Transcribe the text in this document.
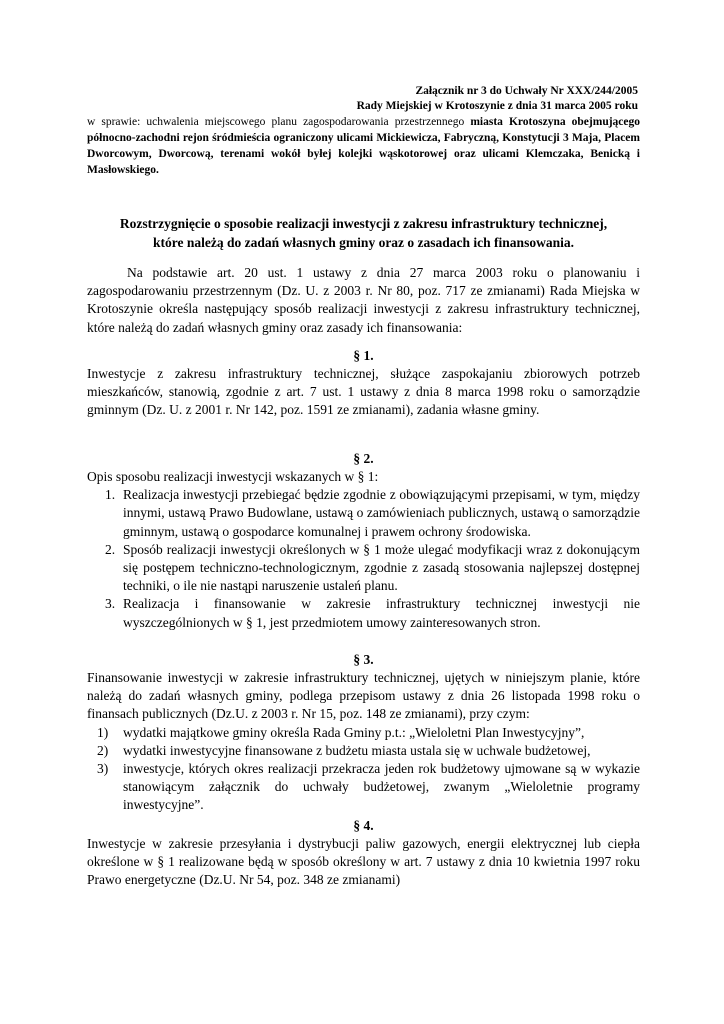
Załącznik nr 3 do Uchwały Nr XXX/244/2005
Rady Miejskiej w Krotoszynie z dnia 31 marca 2005 roku
w sprawie: uchwalenia miejscowego planu zagospodarowania przestrzennego miasta Krotoszyna obejmującego północno-zachodni rejon śródmieścia ograniczony ulicami Mickiewicza, Fabryczną, Konstytucji 3 Maja, Placem Dworcowym, Dworcową, terenami wokół byłej kolejki wąskotorowej oraz ulicami Klemczaka, Benicką i Masłowskiego.
Rozstrzygnięcie o sposobie realizacji inwestycji z zakresu infrastruktury technicznej,
które należą do zadań własnych gminy oraz o zasadach ich finansowania.
Na podstawie art. 20 ust. 1 ustawy z dnia 27 marca 2003 roku o planowaniu i zagospodarowaniu przestrzennym (Dz. U. z 2003 r. Nr 80, poz. 717 ze zmianami) Rada Miejska w Krotoszynie określa następujący sposób realizacji inwestycji z zakresu infrastruktury technicznej, które należą do zadań własnych gminy oraz zasady ich finansowania:
§ 1.
Inwestycje z zakresu infrastruktury technicznej, służące zaspokajaniu zbiorowych potrzeb mieszkańców, stanowią, zgodnie z art. 7 ust. 1 ustawy z dnia 8 marca 1998 roku o samorządzie gminnym (Dz. U. z 2001 r. Nr 142, poz. 1591 ze zmianami), zadania własne gminy.
§ 2.

Opis sposobu realizacji inwestycji wskazanych w § 1:

1. Realizacja inwestycji przebiegać będzie zgodnie z obowiązującymi przepisami, w tym, między innymi, ustawą Prawo Budowlane, ustawą o zamówieniach publicznych, ustawą o samorządzie gminnym, ustawą o gospodarce komunalnej i prawem ochrony środowiska.
2. Sposób realizacji inwestycji określonych w § 1 może ulegać modyfikacji wraz z dokonującym się postępem techniczno-technologicznym, zgodnie z zasadą stosowania najlepszej dostępnej techniki, o ile nie nastąpi naruszenie ustaleń planu.
3. Realizacja i finansowanie w zakresie infrastruktury technicznej inwestycji nie wyszczególnionych w § 1, jest przedmiotem umowy zainteresowanych stron.
§ 3.

Finansowanie inwestycji w zakresie infrastruktury technicznej, ujętych w niniejszym planie, które należą do zadań własnych gminy, podlega przepisom ustawy z dnia 26 listopada 1998 roku o finansach publicznych (Dz.U. z 2003 r. Nr 15, poz. 148 ze zmianami), przy czym:

1)	wydatki majątkowe gminy określa Rada Gminy p.t.: „Wieloletni Plan Inwestycyjny”,
2)	wydatki inwestycyjne finansowane z budżetu miasta ustala się w uchwale budżetowej,
3)	inwestycje, których okres realizacji przekracza jeden rok budżetowy ujmowane są w wykazie stanowiącym załącznik do uchwały budżetowej, zwanym „Wieloletnie programy inwestycyjne”.
§ 4.
Inwestycje w zakresie przesyłania i dystrybucji paliw gazowych, energii elektrycznej lub ciepła określone w § 1 realizowane będą w sposób określony w art. 7 ustawy z dnia 10 kwietnia 1997 roku Prawo energetyczne (Dz.U. Nr 54, poz. 348 ze zmianami)
